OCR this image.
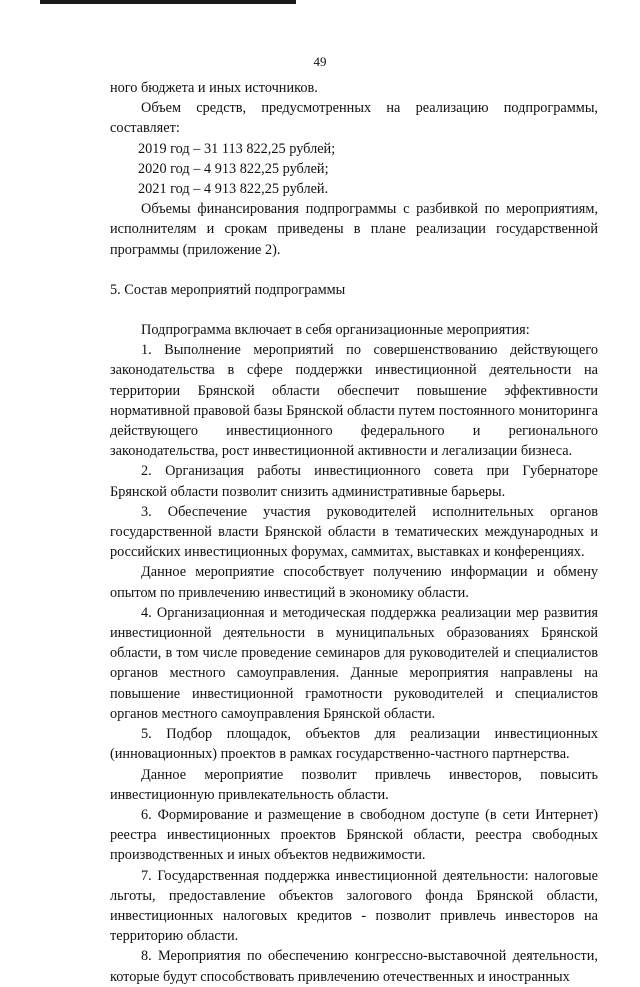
49

ного бюджета и иных источников.

Объем средств, предусмотренных на реализацию подпрограммы, составляет:

2019 год – 31 113 822,25 рублей;
2020 год – 4 913 822,25 рублей;
2021 год – 4 913 822,25 рублей.

Объемы финансирования подпрограммы с разбивкой по мероприятиям, исполнителям и срокам приведены в плане реализации государственной программы (приложение 2).

5. Состав мероприятий подпрограммы

Подпрограмма включает в себя организационные мероприятия:

1. Выполнение мероприятий по совершенствованию действующего законодательства в сфере поддержки инвестиционной деятельности на территории Брянской области обеспечит повышение эффективности нормативной правовой базы Брянской области путем постоянного мониторинга действующего инвестиционного федерального и регионального законодательства, рост инвестиционной активности и легализации бизнеса.

2. Организация работы инвестиционного совета при Губернаторе Брянской области позволит снизить административные барьеры.

3. Обеспечение участия руководителей исполнительных органов государственной власти Брянской области в тематических международных и российских инвестиционных форумах, саммитах, выставках и конференциях.

Данное мероприятие способствует получению информации и обмену опытом по привлечению инвестиций в экономику области.

4. Организационная и методическая поддержка реализации мер развития инвестиционной деятельности в муниципальных образованиях Брянской области, в том числе проведение семинаров для руководителей и специалистов органов местного самоуправления. Данные мероприятия направлены на повышение инвестиционной грамотности руководителей и специалистов органов местного самоуправления Брянской области.

5. Подбор площадок, объектов для реализации инвестиционных (инновационных) проектов в рамках государственно-частного партнерства.

Данное мероприятие позволит привлечь инвесторов, повысить инвестиционную привлекательность области.

6. Формирование и размещение в свободном доступе (в сети Интернет) реестра инвестиционных проектов Брянской области, реестра свободных производственных и иных объектов недвижимости.

7. Государственная поддержка инвестиционной деятельности: налоговые льготы, предоставление объектов залогового фонда Брянской области, инвестиционных налоговых кредитов - позволит привлечь инвесторов на территорию области.

8. Мероприятия по обеспечению конгрессно-выставочной деятельности, которые будут способствовать привлечению отечественных и иностранных
